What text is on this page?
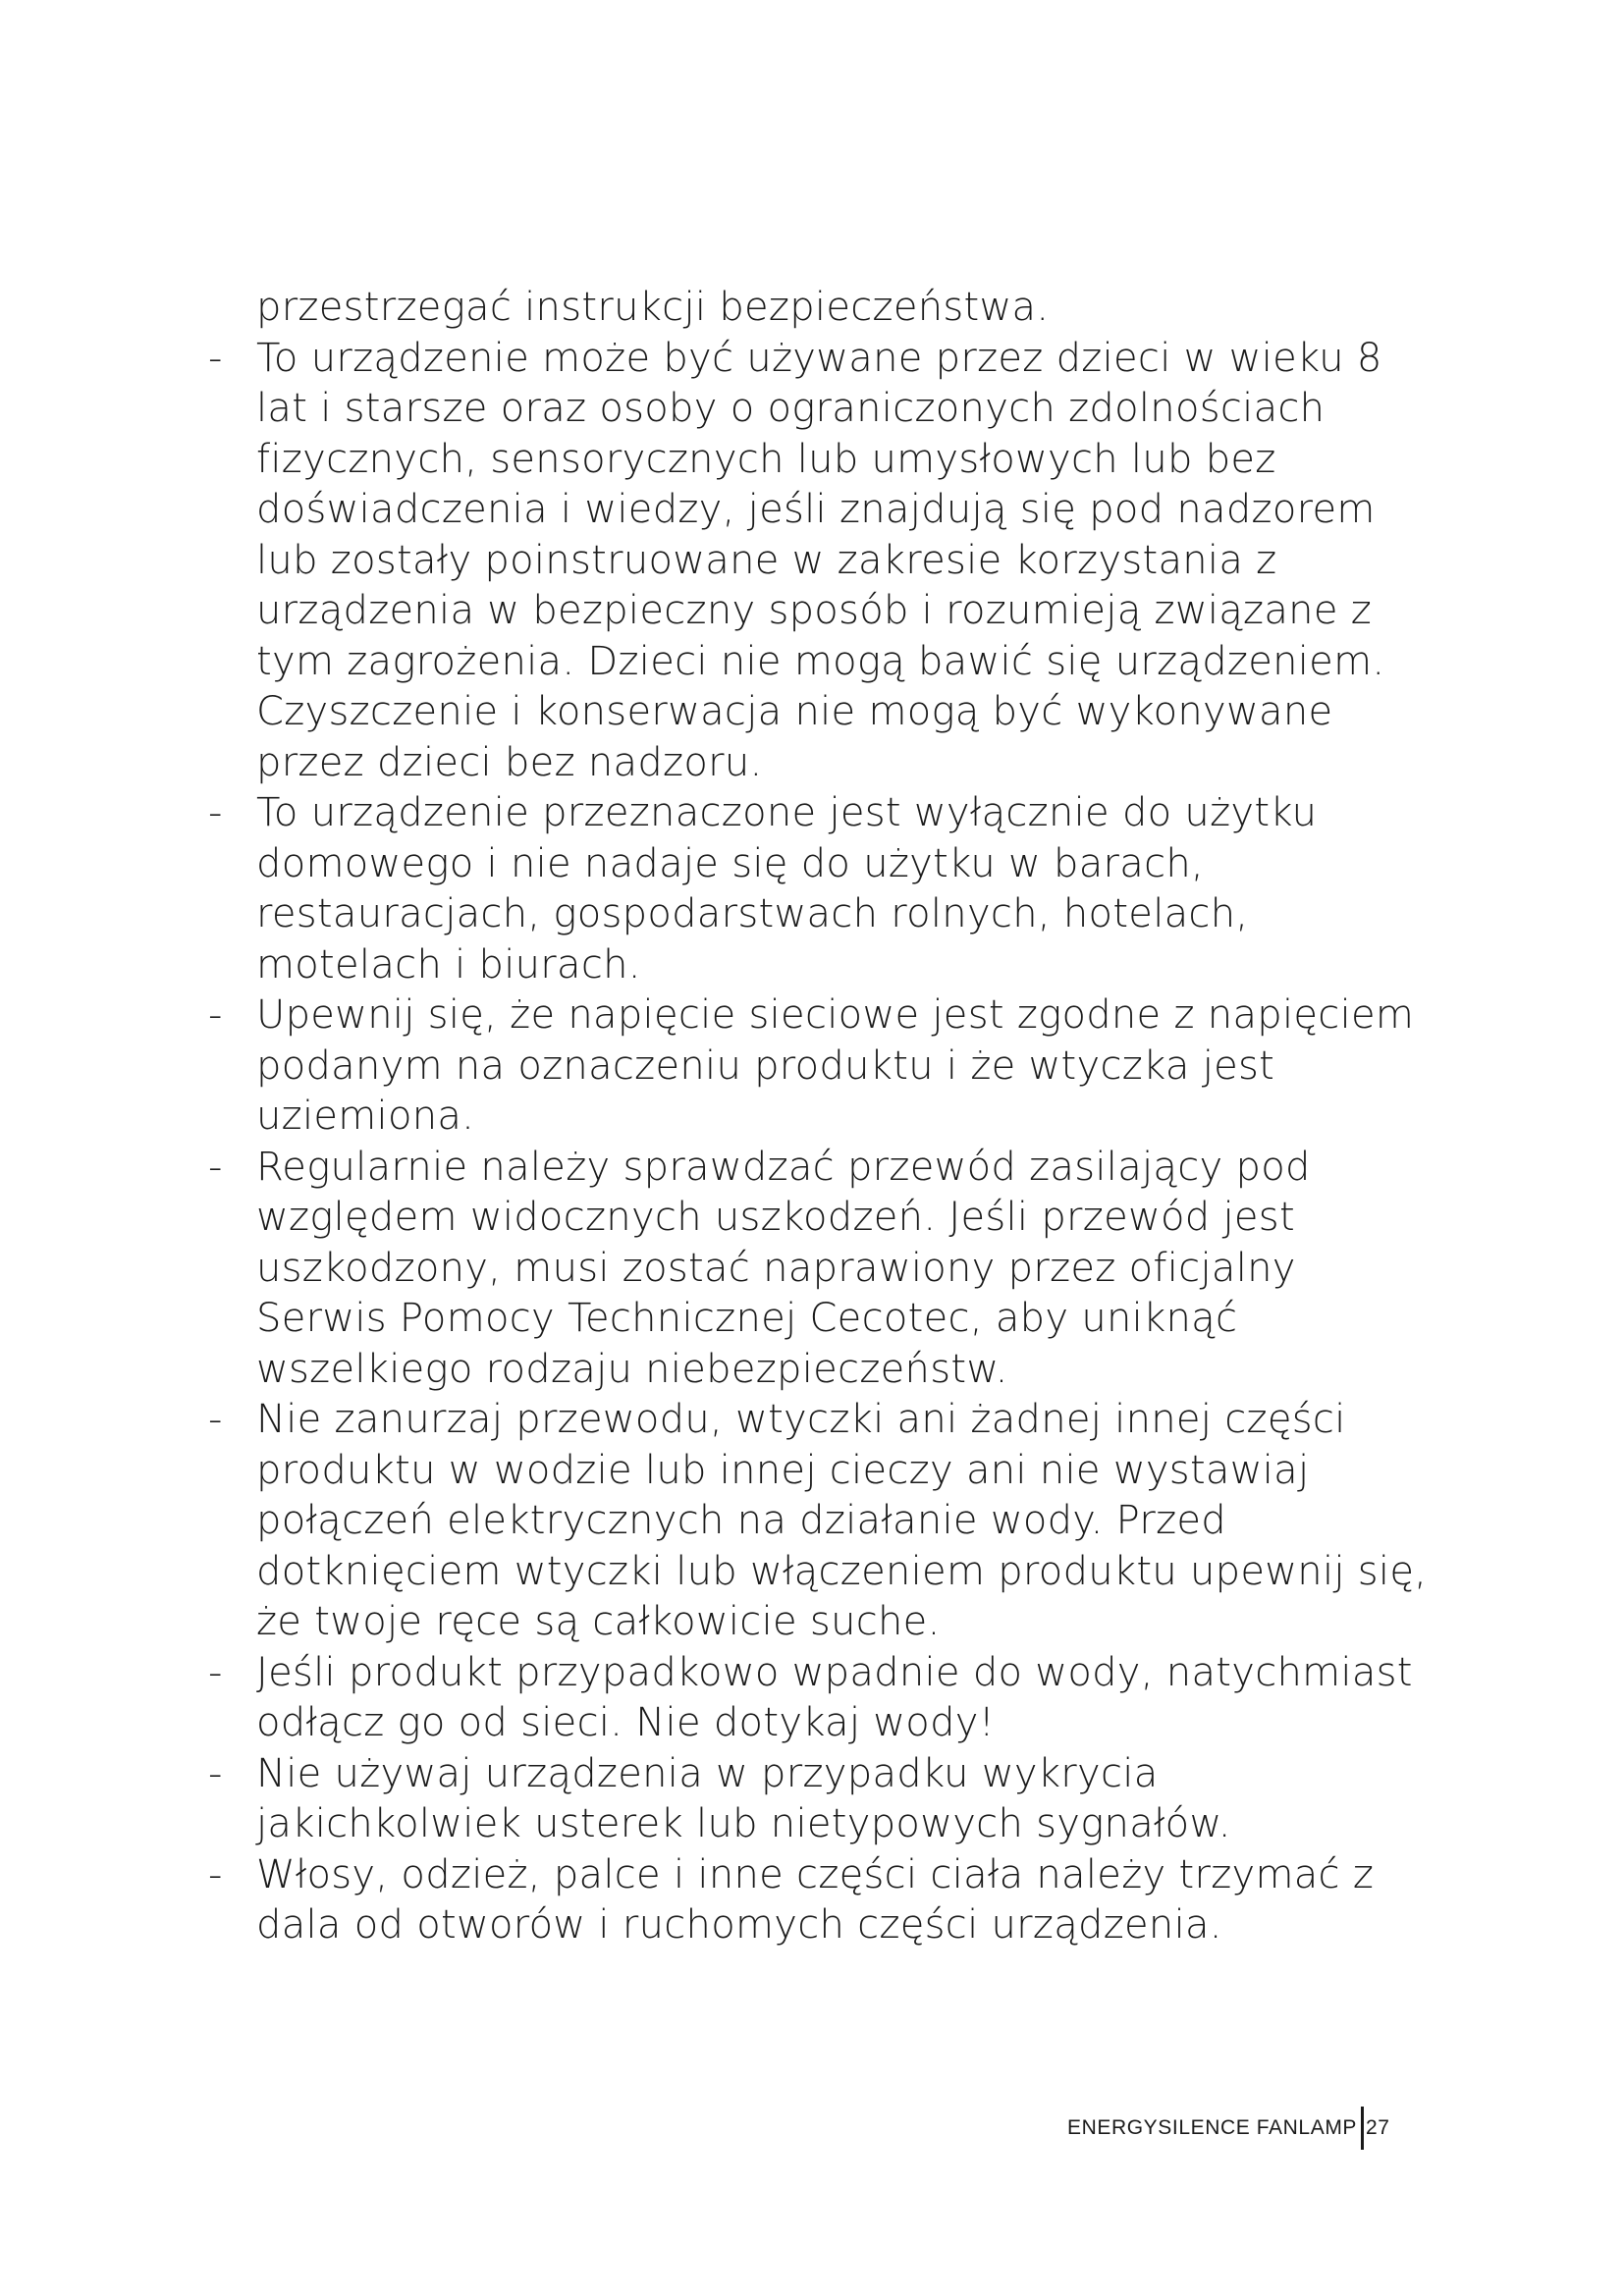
przestrzegać instrukcji bezpieczeństwa.
- To urządzenie może być używane przez dzieci w wieku 8 lat i starsze oraz osoby o ograniczonych zdolnościach fizycznych, sensorycznych lub umysłowych lub bez doświadczenia i wiedzy, jeśli znajdują się pod nadzorem lub zostały poinstruowane w zakresie korzystania z urządzenia w bezpieczny sposób i rozumieją związane z tym zagrożenia. Dzieci nie mogą bawić się urządzeniem. Czyszczenie i konserwacja nie mogą być wykonywane przez dzieci bez nadzoru.
- To urządzenie przeznaczone jest wyłącznie do użytku domowego i nie nadaje się do użytku w barach, restauracjach, gospodarstwach rolnych, hotelach, motelach i biurach.
- Upewnij się, że napięcie sieciowe jest zgodne z napięciem podanym na oznaczeniu produktu i że wtyczka jest uziemiona.
- Regularnie należy sprawdzać przewód zasilający pod względem widocznych uszkodzeń. Jeśli przewód jest uszkodzony, musi zostać naprawiony przez oficjalny Serwis Pomocy Technicznej Cecotec, aby uniknąć wszelkiego rodzaju niebezpieczeństw.
- Nie zanurzaj przewodu, wtyczki ani żadnej innej części produktu w wodzie lub innej cieczy ani nie wystawiaj połączeń elektrycznych na działanie wody. Przed dotknięciem wtyczki lub włączeniem produktu upewnij się, że twoje ręce są całkowicie suche.
- Jeśli produkt przypadkowo wpadnie do wody, natychmiast odłącz go od sieci. Nie dotykaj wody!
- Nie używaj urządzenia w przypadku wykrycia jakichkolwiek usterek lub nietypowych sygnałów.
- Włosy, odzież, palce i inne części ciała należy trzymać z dala od otworów i ruchomych części urządzenia.
ENERGYSILENCE FANLAMP 27
